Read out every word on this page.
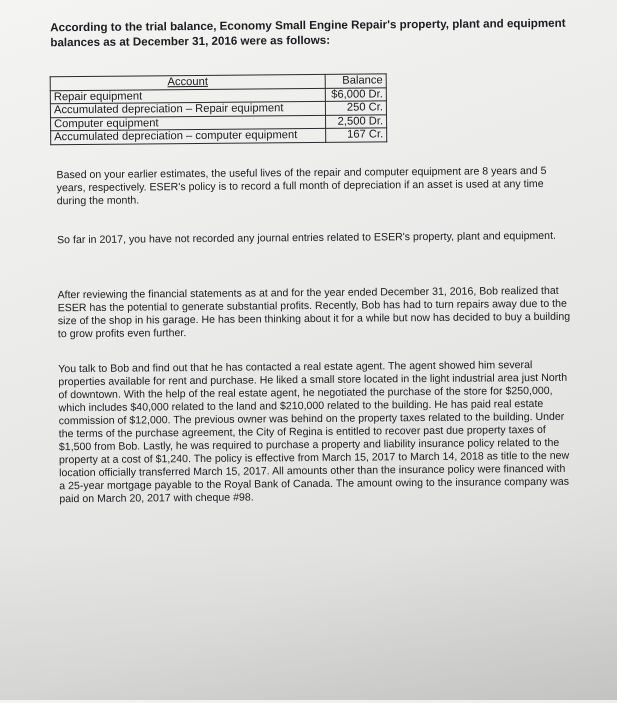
According to the trial balance, Economy Small Engine Repair's property, plant and equipment balances as at December 31, 2016 were as follows:
Account	Balance
Repair equipment	$6,000 Dr.
Accumulated depreciation – Repair equipment	250 Cr.
Computer equipment	2,500 Dr.
Accumulated depreciation – computer equipment	167 Cr.

Based on your earlier estimates, the useful lives of the repair and computer equipment are 8 years and 5 years, respectively. ESER's policy is to record a full month of depreciation if an asset is used at any time during the month.

So far in 2017, you have not recorded any journal entries related to ESER's property, plant and equipment.

After reviewing the financial statements as at and for the year ended December 31, 2016, Bob realized that ESER has the potential to generate substantial profits. Recently, Bob has had to turn repairs away due to the size of the shop in his garage. He has been thinking about it for a while but now has decided to buy a building to grow profits even further.

You talk to Bob and find out that he has contacted a real estate agent. The agent showed him several properties available for rent and purchase. He liked a small store located in the light industrial area just North of downtown. With the help of the real estate agent, he negotiated the purchase of the store for $250,000, which includes $40,000 related to the land and $210,000 related to the building. He has paid real estate commission of $12,000. The previous owner was behind on the property taxes related to the building. Under the terms of the purchase agreement, the City of Regina is entitled to recover past due property taxes of $1,500 from Bob. Lastly, he was required to purchase a property and liability insurance policy related to the property at a cost of $1,240. The policy is effective from March 15, 2017 to March 14, 2018 as title to the new location officially transferred March 15, 2017. All amounts other than the insurance policy were financed with a 25-year mortgage payable to the Royal Bank of Canada. The amount owing to the insurance company was paid on March 20, 2017 with cheque #98.
